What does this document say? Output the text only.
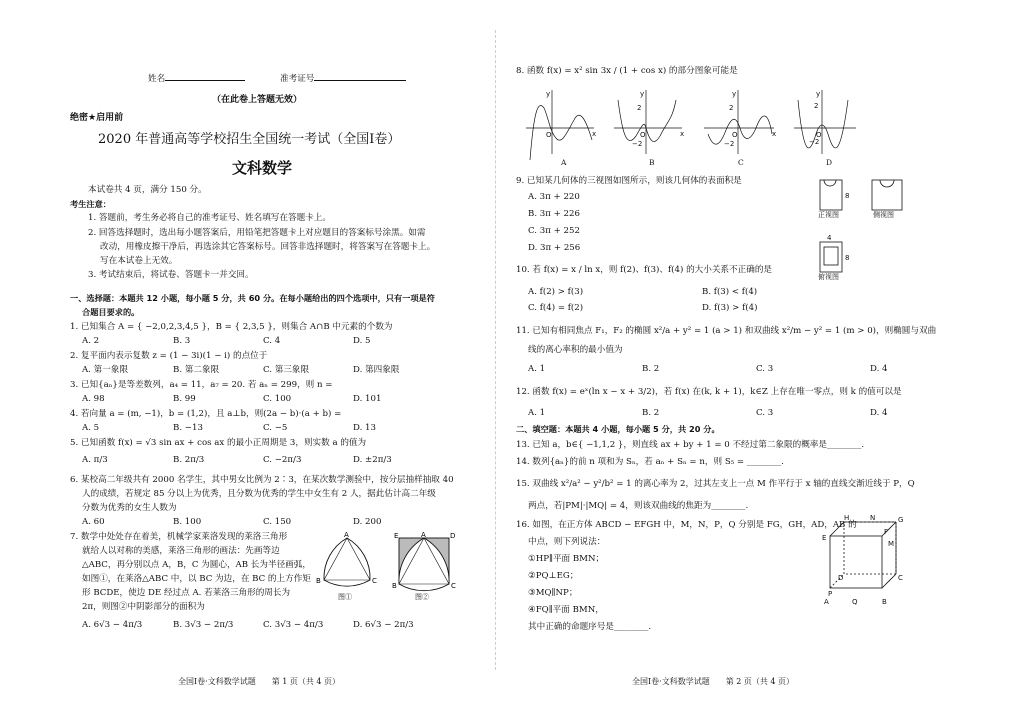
姓名	准考证号
（在此卷上答题无效）
绝密★启用前
2020 年普通高等学校招生全国统一考试（全国Ⅰ卷）
文科数学
本试卷共 4 页，满分 150 分。
考生注意：
1. 答题前，考生务必将自己的准考证号、姓名填写在答题卡上。
2. 回答选择题时，选出每小题答案后，用铅笔把答题卡上对应题目的答案标号涂黑。如需
改动，用橡皮擦干净后，再选涂其它答案标号。回答非选择题时，将答案写在答题卡上。
写在本试卷上无效。
3. 考试结束后，将试卷、答题卡一并交回。
一、选择题：本题共 12 小题，每小题 5 分，共 60 分。在每小题给出的四个选项中，只有一项是符
合题目要求的。
1. 已知集合 A = { −2,0,2,3,4,5 }，B = { 2,3,5 }，则集合 A∩B 中元素的个数为
A. 2	B. 3	C. 4	D. 5
2. 复平面内表示复数 z = (1 − 3i)(1 − i) 的点位于
A. 第一象限	B. 第二象限	C. 第三象限	D. 第四象限
3. 已知{aₙ}是等差数列，a₄ = 11，a₇ = 20. 若 aₙ = 299，则 n =
A. 98	B. 99	C. 100	D. 101
4. 若向量 a = (m, −1)，b = (1,2)，且 a⊥b，则(2a − b)·(a + b) =
A. 5	B. −13	C. −5	D. 13
5. 已知函数 f(x) = √3 sin ax + cos ax 的最小正周期是 3，则实数 a 的值为
A. π/3	B. 2π/3	C. −2π/3	D. ±2π/3
6. 某校高二年级共有 2000 名学生，其中男女比例为 2∶3，在某次数学测验中，按分层抽样抽取 40
人的成绩，若规定 85 分以上为优秀，且分数为优秀的学生中女生有 2 人，据此估计高二年级
分数为优秀的女生人数为
A. 60	B. 100	C. 150	D. 200
7. 数学中处处存在着美，机械学家莱洛发现的莱洛三角形
就给人以对称的美感，莱洛三角形的画法：先画等边
△ABC，再分别以点 A，B，C 为圆心，AB 长为半径画弧，
如图①，在莱洛△ABC 中，以 BC 为边，在 BC 的上方作矩
形 BCDE，使边 DE 经过点 A. 若莱洛三角形的周长为
2π，则图②中阴影部分的面积为
A. 6√3 − 4π/3	B. 3√3 − 2π/3	C. 3√3 − 4π/3	D. 6√3 − 2π/3
A
B	C
E	A	D
B	C
图①	图②
全国Ⅰ卷·文科数学试题　　第 1 页（共 4 页）
8. 函数 f(x) = x² sin 3x / (1 + cos x) 的部分图象可能是
y
x
O
y
x
O
2
−2
y
x
O
2
−2
y
2
O
−2
A	B	C	D
9. 已知某几何体的三视图如图所示，则该几何体的表面积是
A. 3π + 220
B. 3π + 226
C. 3π + 252
D. 3π + 256
8
8
4
正视图	侧视图
俯视图
10. 若 f(x) = x / ln x，则 f(2)、f(3)、f(4) 的大小关系不正确的是
A. f(2) > f(3)	B. f(3) < f(4)
C. f(4) = f(2)	D. f(3) > f(4)
11. 已知有相同焦点 F₁，F₂ 的椭圆 x²/a + y² = 1 (a > 1) 和双曲线 x²/m − y² = 1 (m > 0)，则椭圆与双曲
线的离心率积的最小值为
A. 1	B. 2	C. 3	D. 4
12. 函数 f(x) = eˣ(ln x − x + 3/2)，若 f(x) 在(k, k + 1)，k∈Z 上存在唯一零点，则 k 的值可以是
A. 1	B. 2	C. 3	D. 4
二、填空题：本题共 4 小题，每小题 5 分，共 20 分。
13. 已知 a，b∈{ −1,1,2 }，则直线 ax + by + 1 = 0 不经过第二象限的概率是________.
14. 数列{aₙ}的前 n 项和为 Sₙ，若 aₙ + Sₙ = n，则 S₅ = ________.
15. 双曲线 x²/a² − y²/b² = 1 的离心率为 2，过其左支上一点 M 作平行于 x 轴的直线交渐近线于 P，Q
两点，若|PM|·|MQ| = 4，则该双曲线的焦距为________.
16. 如图，在正方体 ABCD − EFGH 中，M，N，P，Q 分别是 FG，GH，AD，AB 的
中点，则下列说法：
①HP∥平面 BMN；
②PQ⊥EG；
③MQ∥NP；
④FQ∥平面 BMN，
其中正确的命题序号是________.
H	N	G
E
F
M
D
P
A	Q	B
C
全国Ⅰ卷·文科数学试题　　第 2 页（共 4 页）
